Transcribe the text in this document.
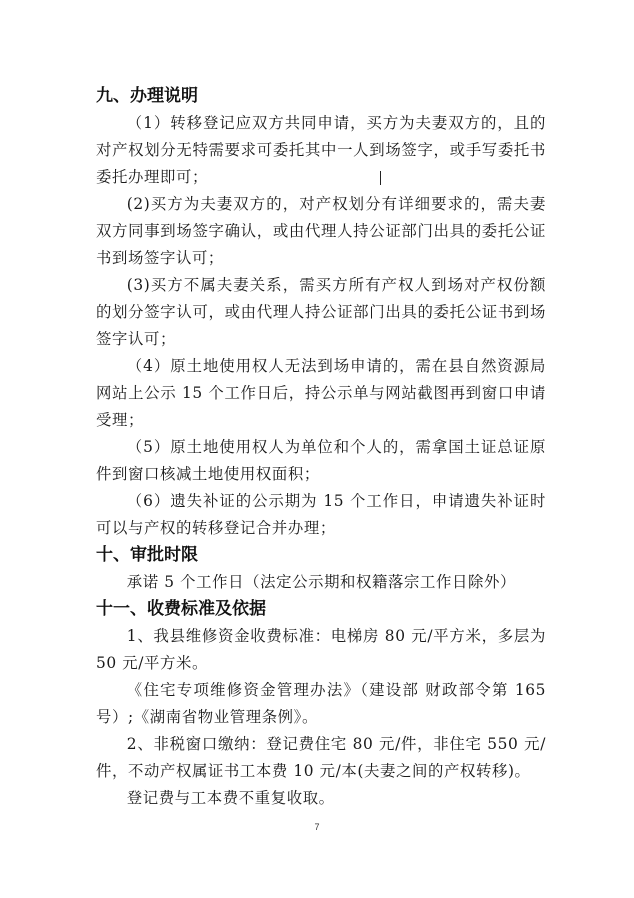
九、办理说明

（1）转移登记应双方共同申请，买方为夫妻双方的，且的对产权划分无特需要求可委托其中一人到场签字，或手写委托书委托办理即可；

(2)买方为夫妻双方的，对产权划分有详细要求的，需夫妻双方同事到场签字确认，或由代理人持公证部门出具的委托公证书到场签字认可；

(3)买方不属夫妻关系，需买方所有产权人到场对产权份额的划分签字认可，或由代理人持公证部门出具的委托公证书到场签字认可；

（4）原土地使用权人无法到场申请的，需在县自然资源局网站上公示 15 个工作日后，持公示单与网站截图再到窗口申请受理；

（5）原土地使用权人为单位和个人的，需拿国土证总证原件到窗口核减土地使用权面积；

（6）遗失补证的公示期为 15 个工作日，申请遗失补证时可以与产权的转移登记合并办理；

十、审批时限

承诺 5 个工作日（法定公示期和权籍落宗工作日除外）

十一、收费标准及依据

1、我县维修资金收费标准：电梯房 80 元/平方米，多层为 50 元/平方米。

《住宅专项维修资金管理办法》（建设部 财政部令第 165 号）;《湖南省物业管理条例》。

2、非税窗口缴纳：登记费住宅 80 元/件，非住宅 550 元/件，不动产权属证书工本费 10 元/本(夫妻之间的产权转移)。

登记费与工本费不重复收取。

7
